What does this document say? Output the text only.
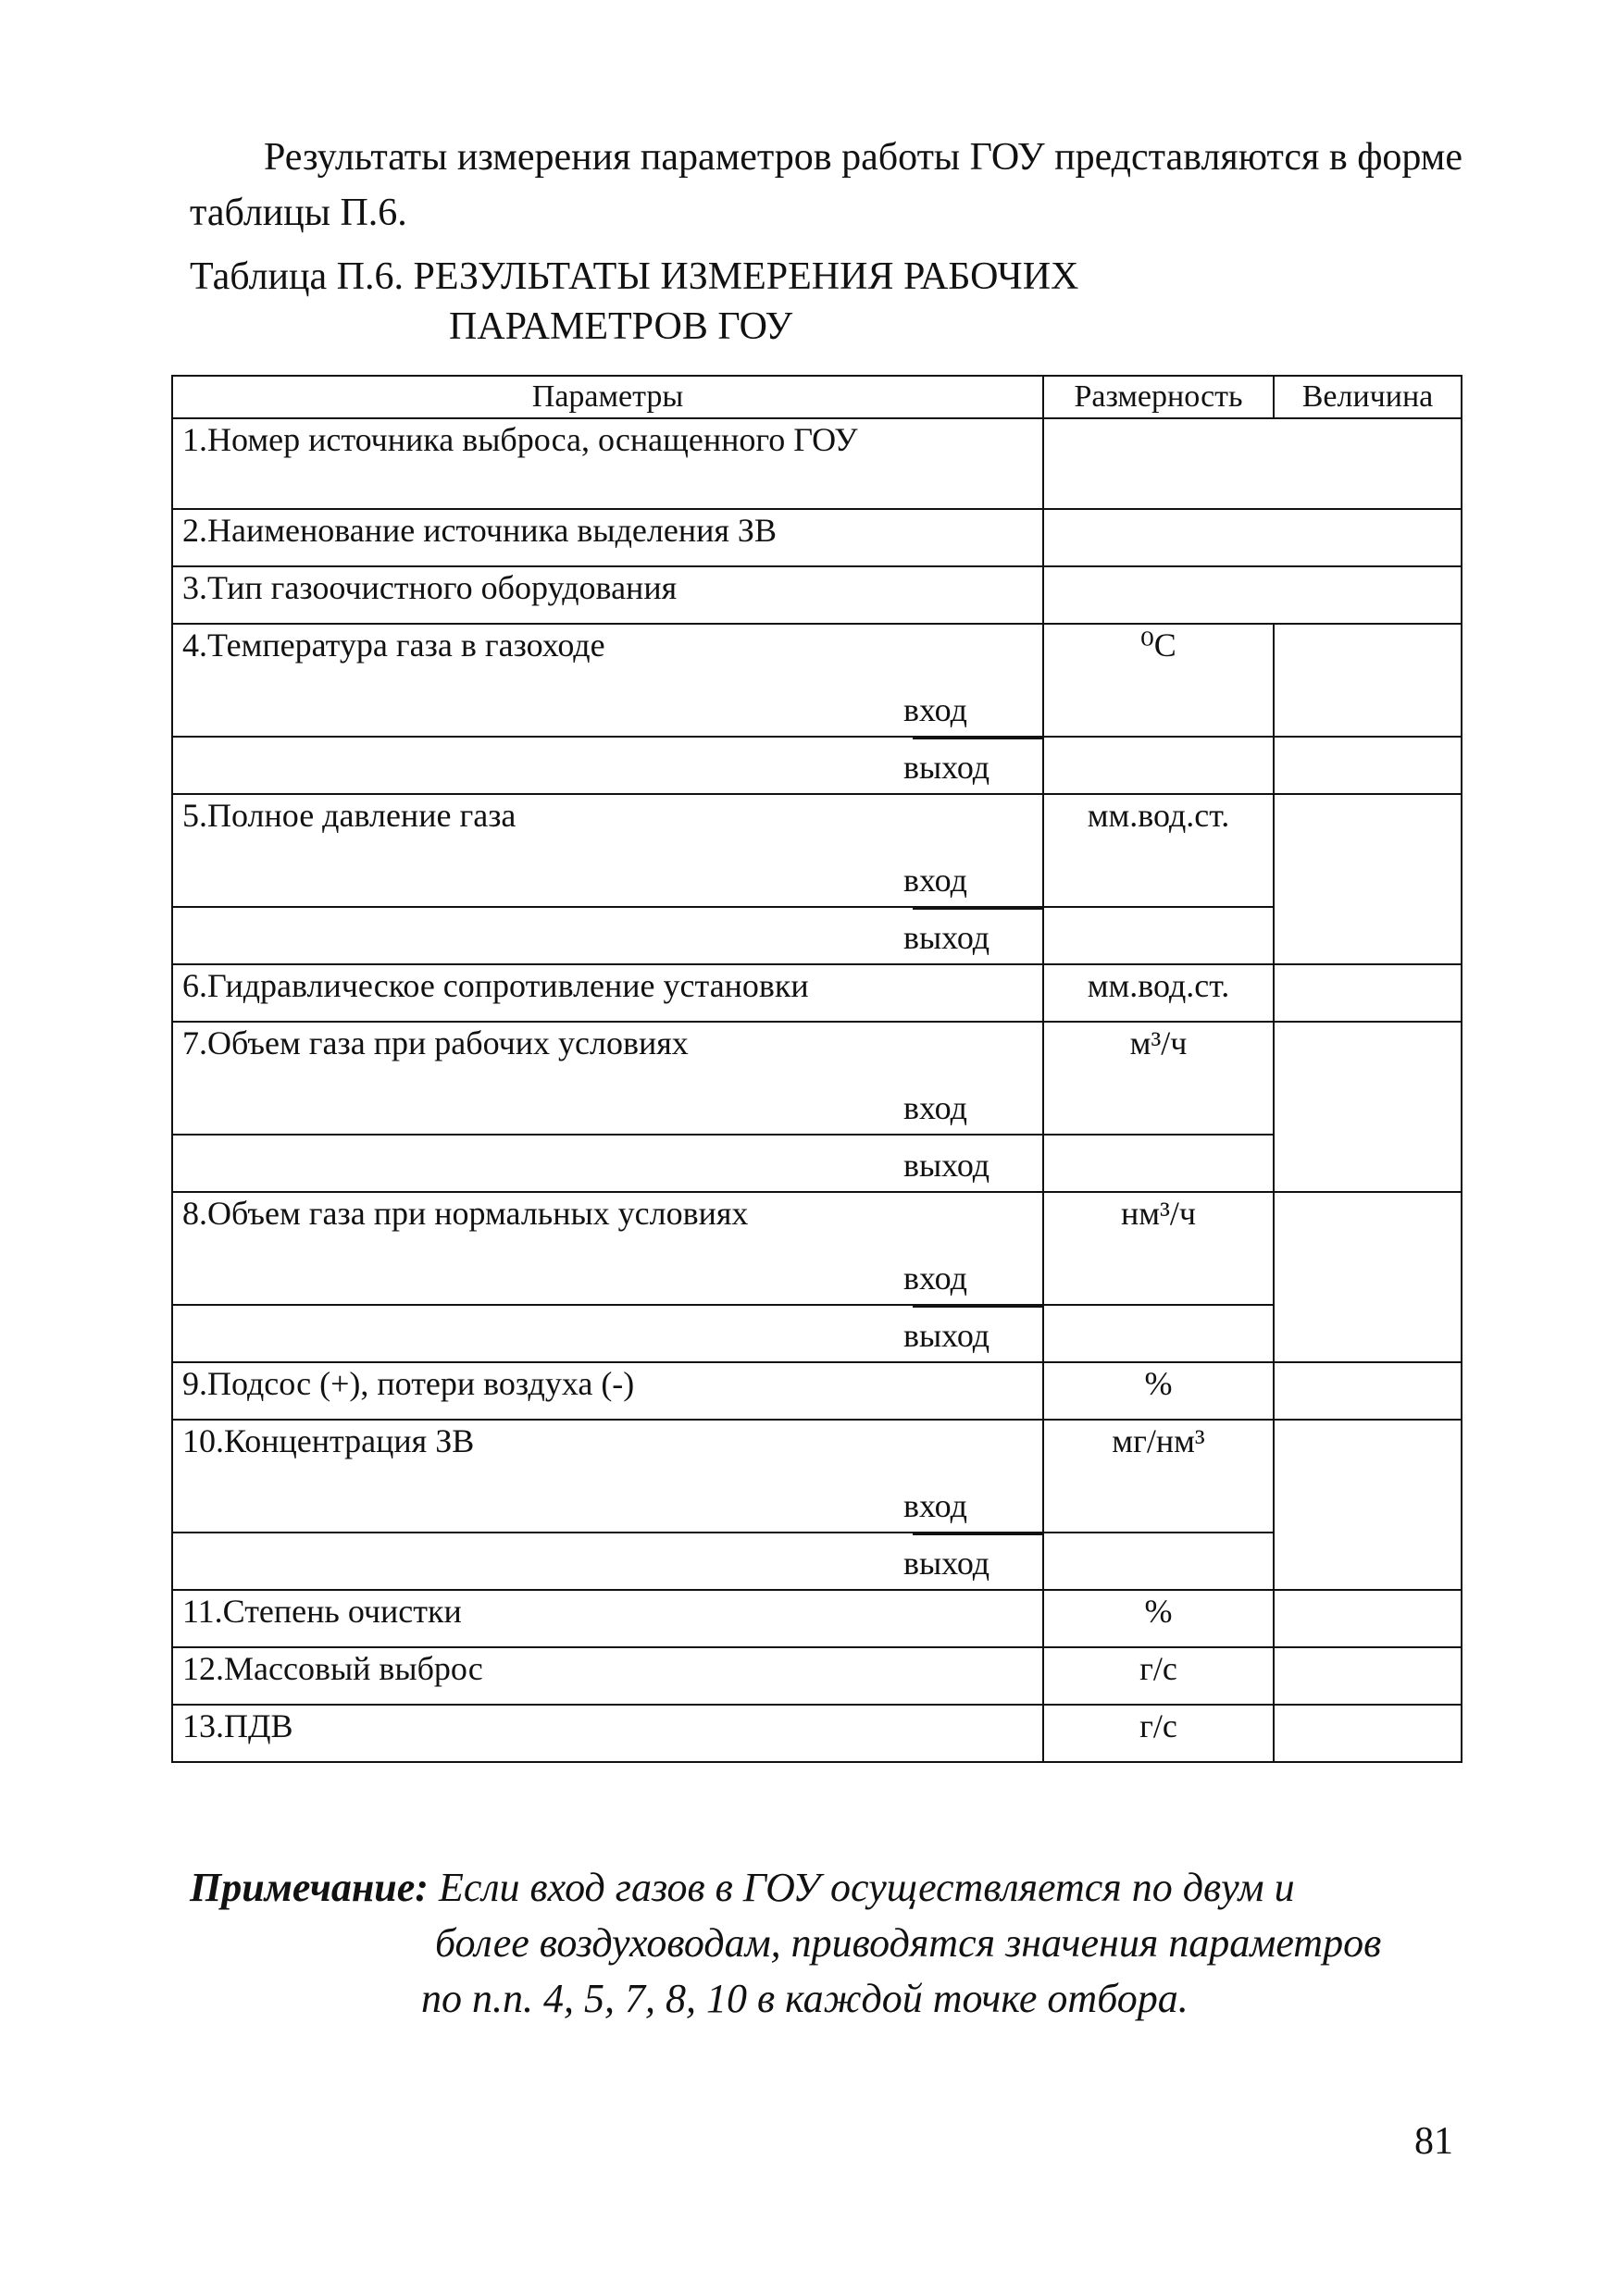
Результаты измерения параметров работы ГОУ представляются в форме таблицы П.6.

Таблица П.6. РЕЗУЛЬТАТЫ ИЗМЕРЕНИЯ РАБОЧИХ
ПАРАМЕТРОВ ГОУ

Параметры	Размерность	Величина
1.Номер источника выброса, оснащенного ГОУ		
2.Наименование источника выделения ЗВ		
3.Тип газоочистного оборудования		
4.Температура газа в газоходе	⁰С	

вход		

выход		

5.Полное давление газа	мм.вод.ст.	

вход		

выход		

6.Гидравлическое сопротивление установки	мм.вод.ст.	
7.Объем газа при рабочих условиях	м³/ч	

вход		

выход		

8.Объем газа при нормальных условиях	нм³/ч	

вход		

выход		

9.Подсос (+), потери воздуха (-)	%	
10.Концентрация ЗВ	мг/нм³	

вход		

выход		

11.Степень очистки	%	
12.Массовый выброс	г/с	
13.ПДВ	г/с	

Примечание: Если вход газов в ГОУ осуществляется по двум и
более воздуховодам, приводятся значения параметров
по п.п. 4, 5, 7, 8, 10 в каждой точке отбора.

81
